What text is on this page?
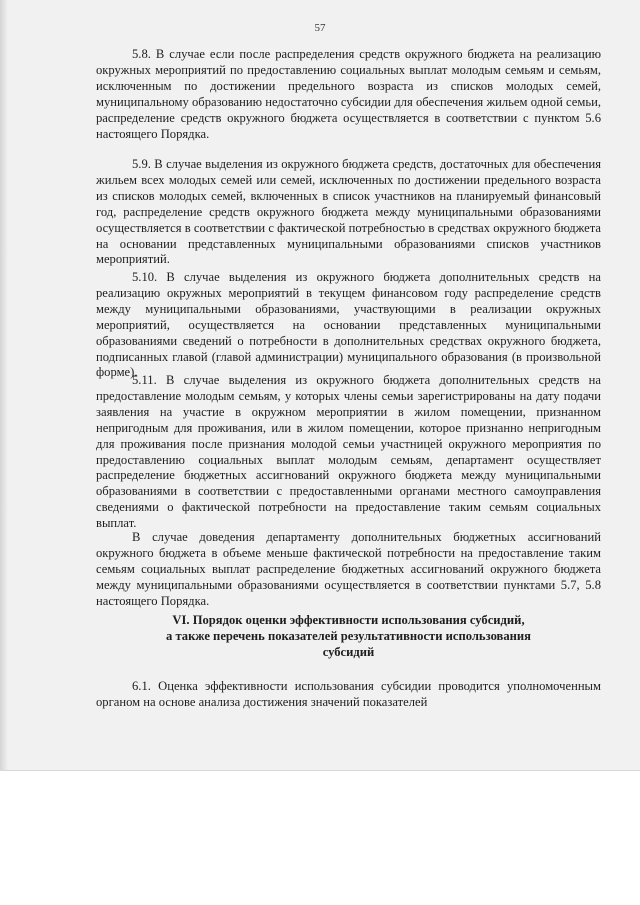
57

5.8. В случае если после распределения средств окружного бюджета на реализацию окружных мероприятий по предоставлению социальных выплат молодым семьям и семьям, исключенным по достижении предельного возраста из списков молодых семей, муниципальному образованию недостаточно субсидии для обеспечения жильем одной семьи, распределение средств окружного бюджета осуществляется в соответствии с пунктом 5.6 настоящего Порядка.

5.9. В случае выделения из окружного бюджета средств, достаточных для обеспечения жильем всех молодых семей или семей, исключенных по достижении предельного возраста из списков молодых семей, включенных в список участников на планируемый финансовый год, распределение средств окружного бюджета между муниципальными образованиями осуществляется в соответствии с фактической потребностью в средствах окружного бюджета на основании представленных муниципальными образованиями списков участников мероприятий.

5.10. В случае выделения из окружного бюджета дополнительных средств на реализацию окружных мероприятий в текущем финансовом году распределение средств между муниципальными образованиями, участвующими в реализации окружных мероприятий, осуществляется на основании представленных муниципальными образованиями сведений о потребности в дополнительных средствах окружного бюджета, подписанных главой (главой администрации) муниципального образования (в произвольной форме).

5.11. В случае выделения из окружного бюджета дополнительных средств на предоставление молодым семьям, у которых члены семьи зарегистрированы на дату подачи заявления на участие в окружном мероприятии в жилом помещении, признанном непригодным для проживания, или в жилом помещении, которое признанно непригодным для проживания после признания молодой семьи участницей окружного мероприятия по предоставлению социальных выплат молодым семьям, департамент осуществляет распределение бюджетных ассигнований окружного бюджета между муниципальными образованиями в соответствии с предоставленными органами местного самоуправления сведениями о фактической потребности на предоставление таким семьям социальных выплат.

В случае доведения департаменту дополнительных бюджетных ассигнований окружного бюджета в объеме меньше фактической потребности на предоставление таким семьям социальных выплат распределение бюджетных ассигнований окружного бюджета между муниципальными образованиями осуществляется в соответствии пунктами 5.7, 5.8 настоящего Порядка.

VI. Порядок оценки эффективности использования субсидий,
а также перечень показателей результативности использования
субсидий

6.1. Оценка эффективности использования субсидии проводится уполномоченным органом на основе анализа достижения значений показателей
